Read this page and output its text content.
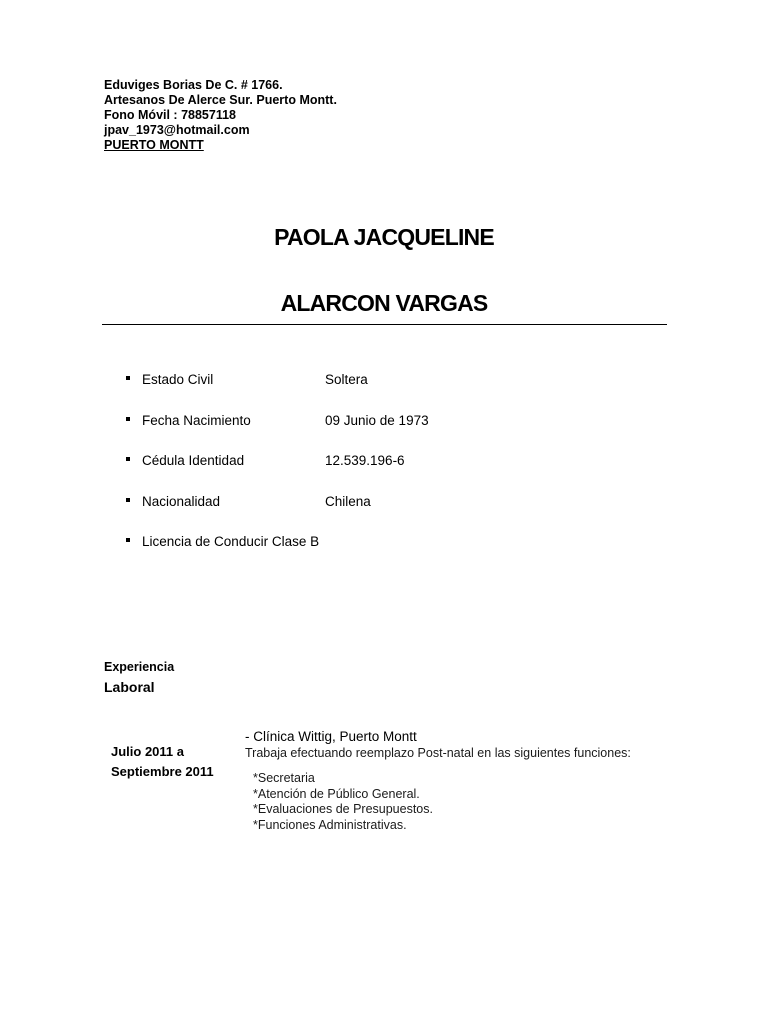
Eduviges Borias De C. # 1766.
Artesanos De Alerce Sur. Puerto Montt.
Fono Móvil : 78857118
jpav_1973@hotmail.com
PUERTO MONTT
PAOLA JACQUELINE
ALARCON VARGAS
Estado Civil	Soltera
Fecha Nacimiento	09 Junio de 1973
Cédula Identidad	12.539.196-6
Nacionalidad	Chilena
Licencia de Conducir Clase B
Experiencia
Laboral
Julio 2011 a
Septiembre 2011
- Clínica Wittig, Puerto Montt
Trabaja efectuando reemplazo Post-natal en las siguientes funciones:
*Secretaria
*Atención de Público General.
*Evaluaciones de Presupuestos.
*Funciones Administrativas.
